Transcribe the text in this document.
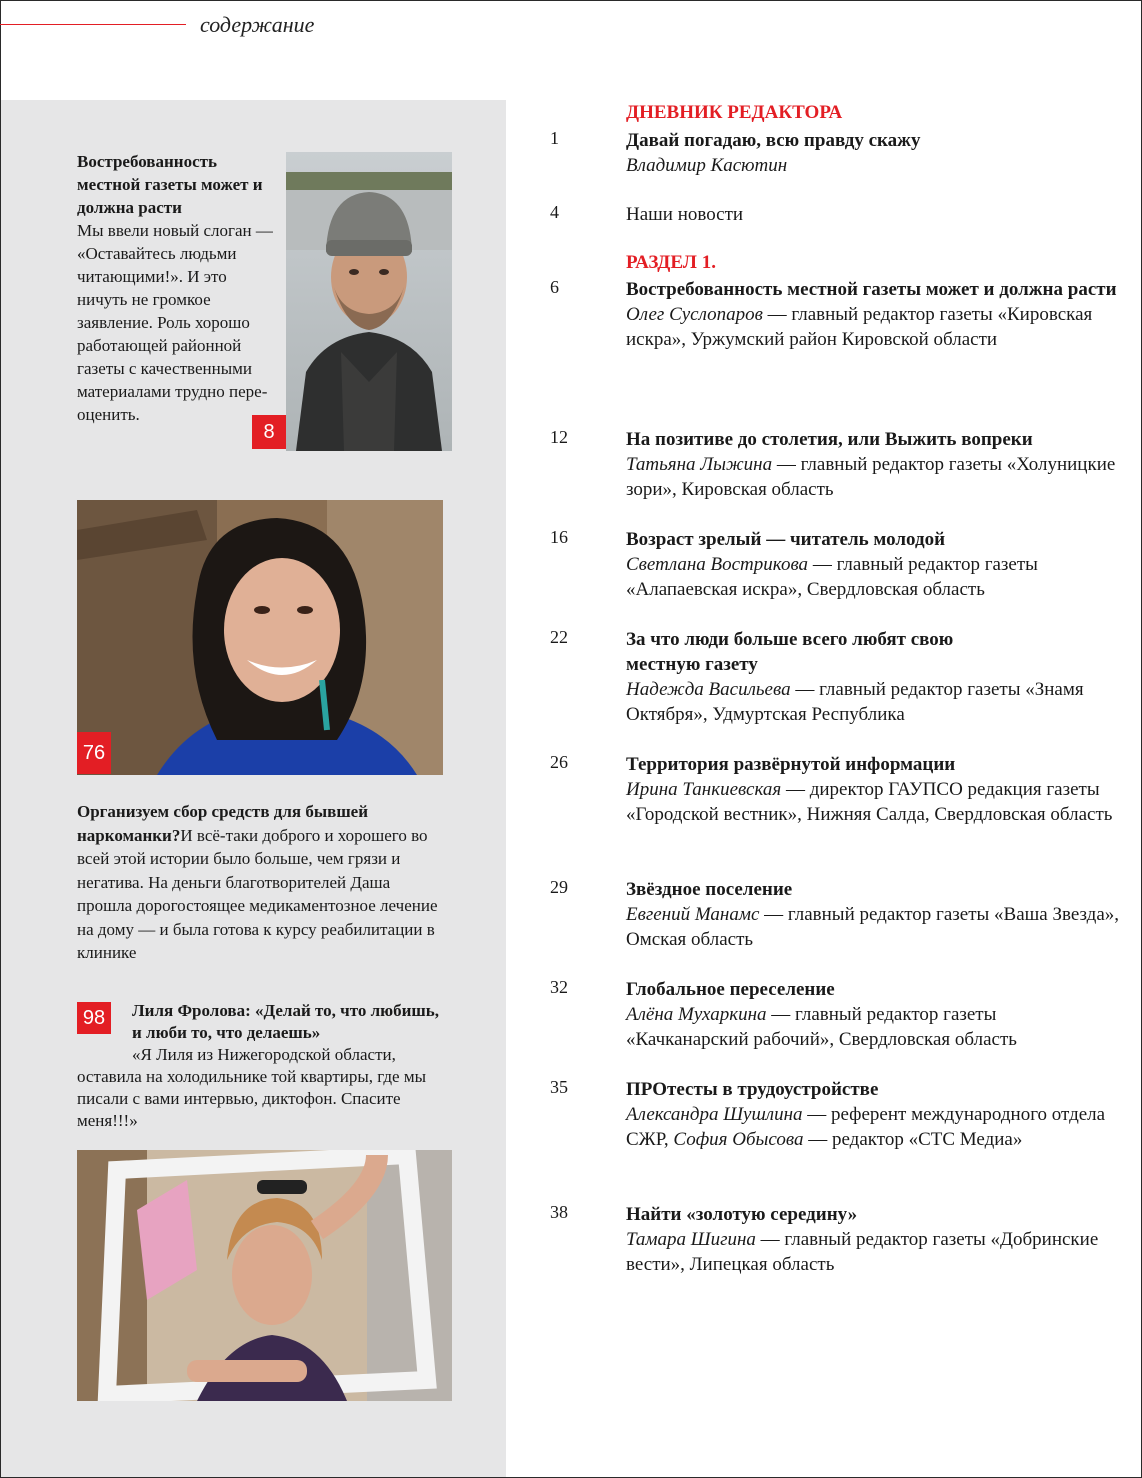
содержание
Востребованность местной газеты может и должна расти
Мы ввели новый слоган — «Оставайтесь людьми читающими!». И это ничуть не громкое заявление. Роль хорошо работающей районной газеты с качественными материалами трудно переоценить.
8
76
Организуем сбор средств для бывшей наркоманки?И всё-таки доброго и хорошего во всей этой истории было больше, чем грязи и негатива. На деньги благотворителей Даша прошла дорогостоящее медикаментозное лечение на дому — и была готова к курсу реабилитации в клинике
98	Лиля Фролова: «Делай то, что любишь, и люби то, что делаешь»
«Я Лиля из Нижегородской области, оставила на холодильнике той квартиры, где мы писали с вами интервью, диктофон. Спасите меня!!!»
ДНЕВНИК РЕДАКТОРА
1	Давай погадаю, всю правду скажу
Владимир Касютин
4	Наши новости
РАЗДЕЛ 1.
6	Востребованность местной газеты может и должна расти
Олег Суслопаров — главный редактор газеты «Кировская искра», Уржумский район Кировской области
12	На позитиве до столетия, или Выжить вопреки
Татьяна Лыжина — главный редактор газеты «Холуницкие зори», Кировская область
16	Возраст зрелый — читатель молодой
Светлана Вострикова — главный редактор газеты «Алапаевская искра», Свердловская область
22	За что люди больше всего любят свою местную газету
Надежда Васильева — главный редактор газеты «Знамя Октября», Удмуртская Республика
26	Территория развёрнутой информации
Ирина Танкиевская — директор ГАУПСО редакция газеты «Городской вестник», Нижняя Салда, Свердловская область
29	Звёздное поселение
Евгений Манамс — главный редактор газеты «Ваша Звезда», Омская область
32	Глобальное переселение
Алёна Мухаркина — главный редактор газеты «Качканарский рабочий», Свердловская область
35	ПРОтесты в трудоустройстве
Александра Шушлина — референт международного отдела СЖР, София Обысова — редактор «СТС Медиа»
38	Найти «золотую середину»
Тамара Шигина — главный редактор газеты «Добринские вести», Липецкая область
